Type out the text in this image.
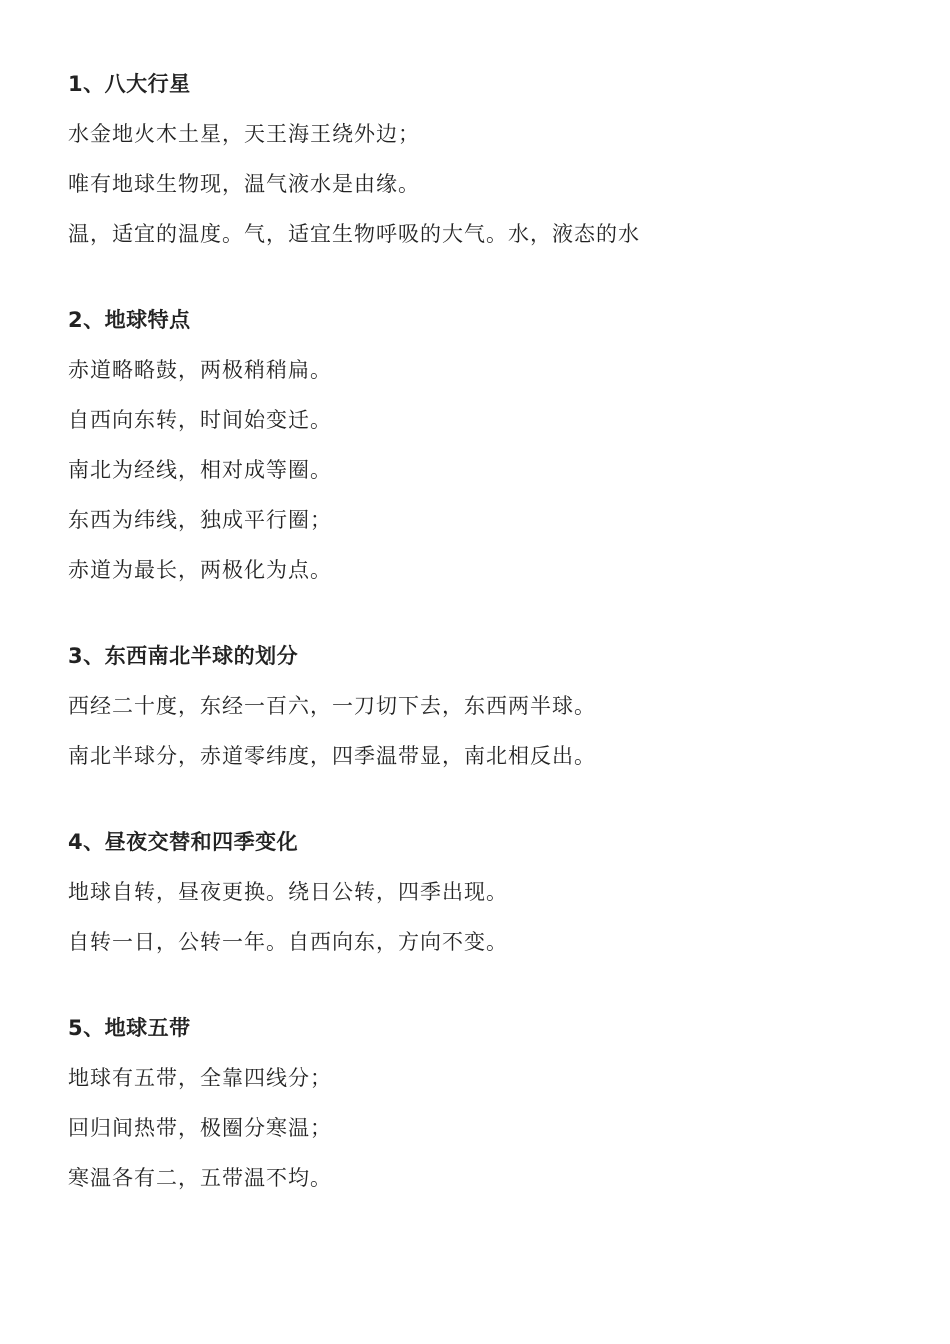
1、八大行星
水金地火木土星，天王海王绕外边；
唯有地球生物现，温气液水是由缘。
温，适宜的温度。气，适宜生物呼吸的大气。水，液态的水
2、地球特点
赤道略略鼓，两极稍稍扁。
自西向东转，时间始变迁。
南北为经线，相对成等圈。
东西为纬线，独成平行圈；
赤道为最长，两极化为点。
3、东西南北半球的划分
西经二十度，东经一百六，一刀切下去，东西两半球。
南北半球分，赤道零纬度，四季温带显，南北相反出。
4、昼夜交替和四季变化
地球自转，昼夜更换。绕日公转，四季出现。
自转一日，公转一年。自西向东，方向不变。
5、地球五带
地球有五带，全靠四线分；
回归间热带，极圈分寒温；
寒温各有二，五带温不均。
